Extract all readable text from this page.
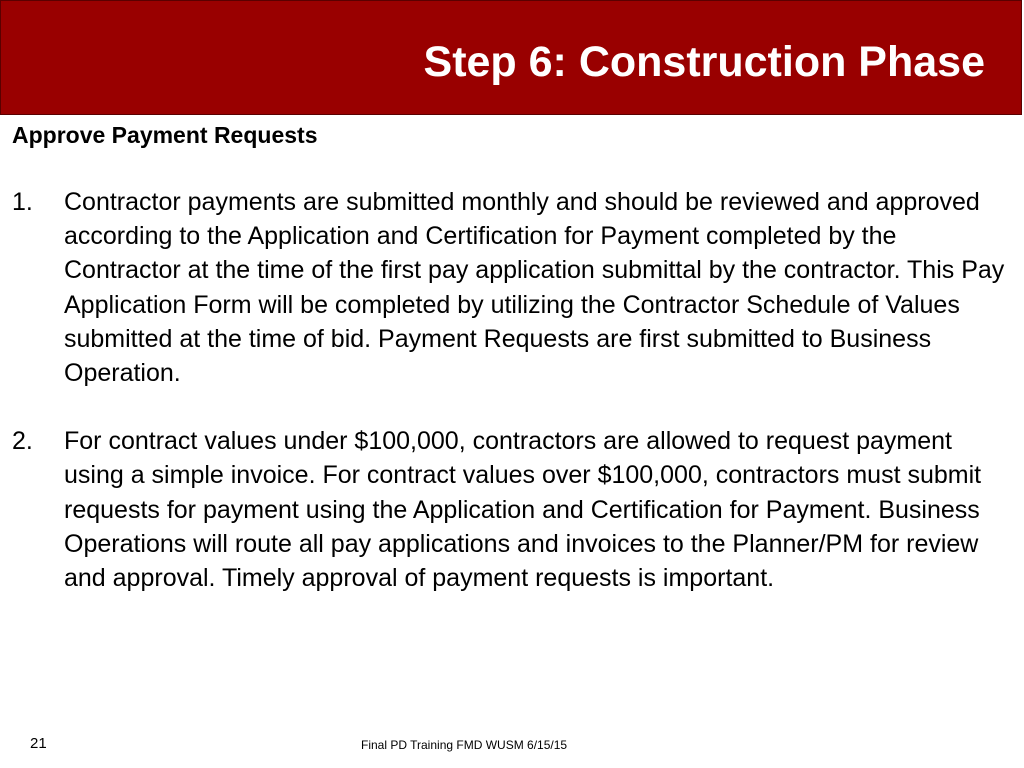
Step 6: Construction Phase
Approve Payment Requests
1. Contractor payments are submitted monthly and should be reviewed and approved according to the Application and Certification for Payment completed by the Contractor at the time of the first pay application submittal by the contractor. This Pay Application Form will be completed by utilizing the Contractor Schedule of Values submitted at the time of bid. Payment Requests are first submitted to Business Operation.
2. For contract values under $100,000, contractors are allowed to request payment using a simple invoice. For contract values over $100,000, contractors must submit requests for payment using the Application and Certification for Payment. Business Operations will route all pay applications and invoices to the Planner/PM for review and approval. Timely approval of payment requests is important.
21	Final PD Training FMD WUSM 6/15/15
